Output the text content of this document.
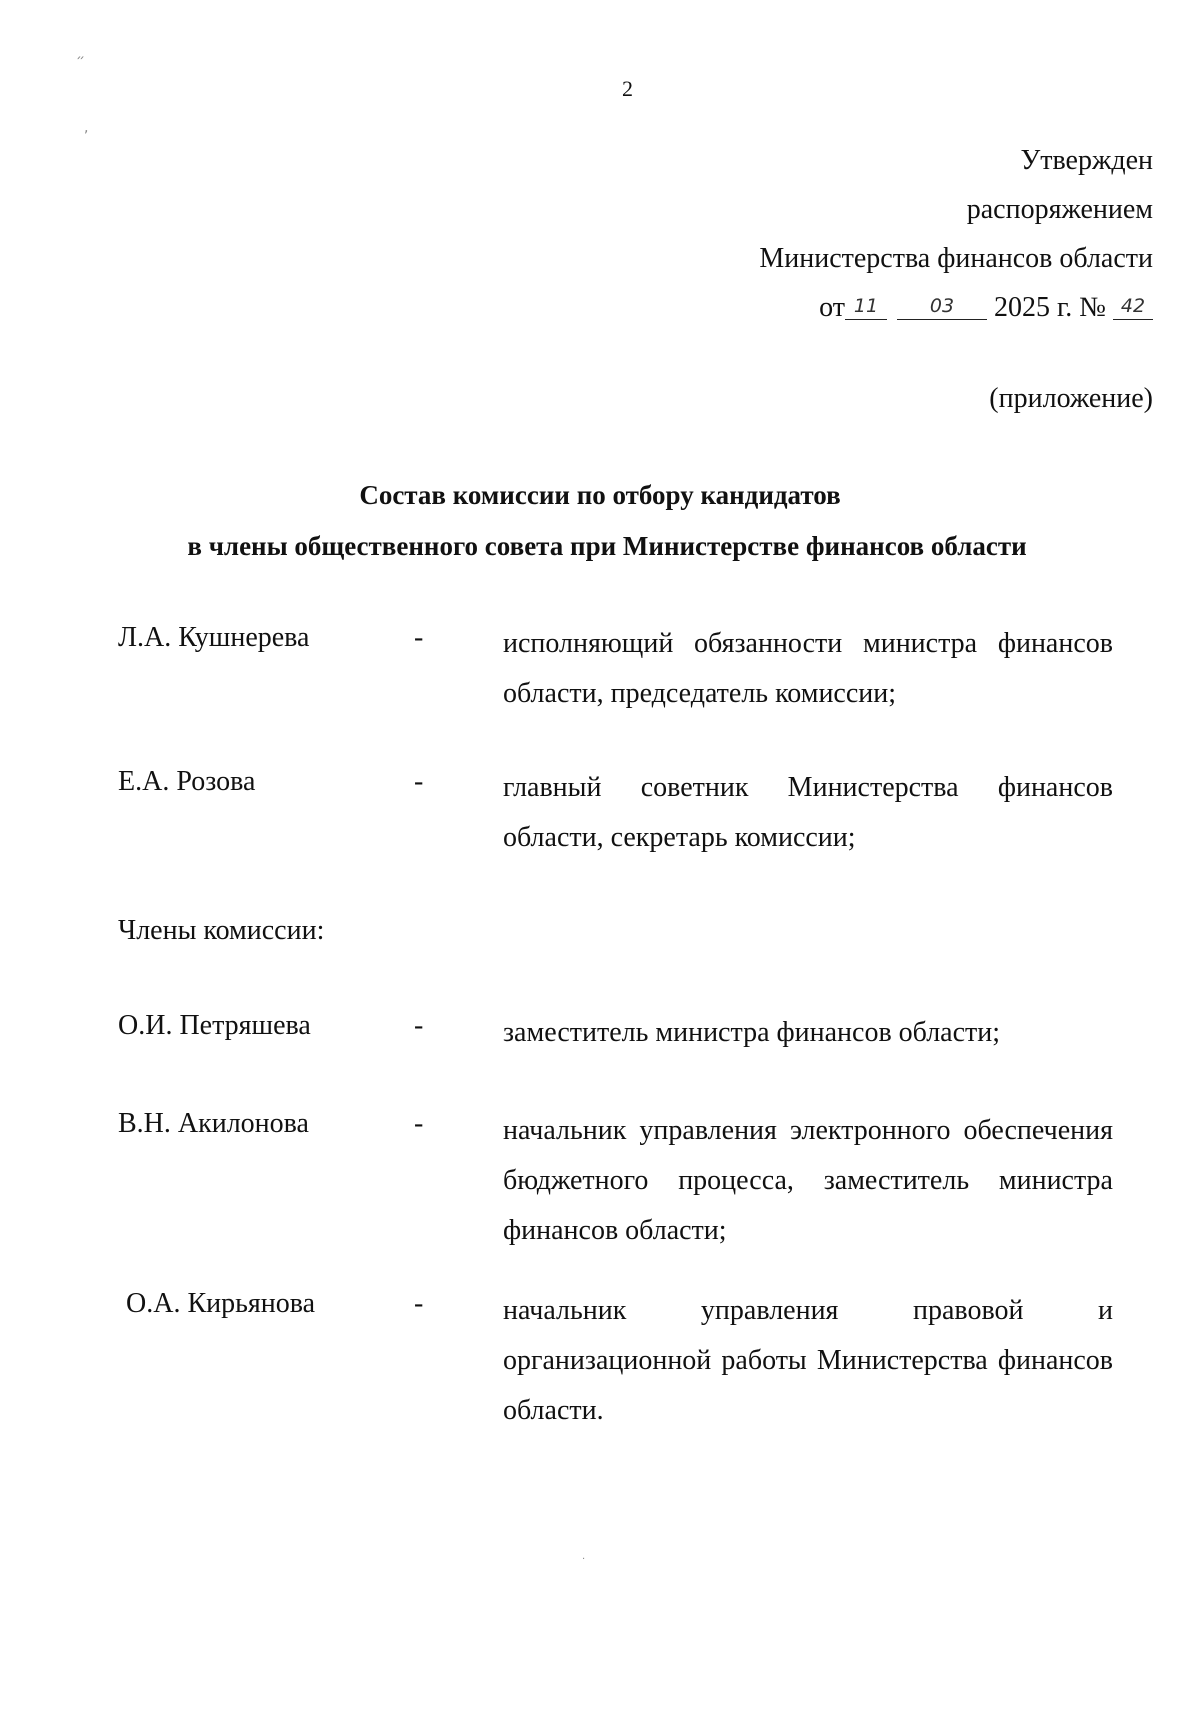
״
,
2
Утвержден
распоряжением
Министерства финансов области
от 11	03 2025 г. № 42
(приложение)
Состав комиссии по отбору кандидатов
в члены общественного совета при Министерстве финансов области
Л.А. Кушнерева	-	исполняющий обязанности министра финансов области, председатель комиссии;
Е.А. Розова	-	главный советник Министерства финансов области, секретарь комиссии;
Члены комиссии:
О.И. Петряшева	-	заместитель министра финансов области;
В.Н. Акилонова	-	начальник управления электронного обеспечения бюджетного процесса, заместитель министра финансов области;
О.А. Кирьянова	-	начальник управления правовой и организационной работы Министерства финансов области.
·
